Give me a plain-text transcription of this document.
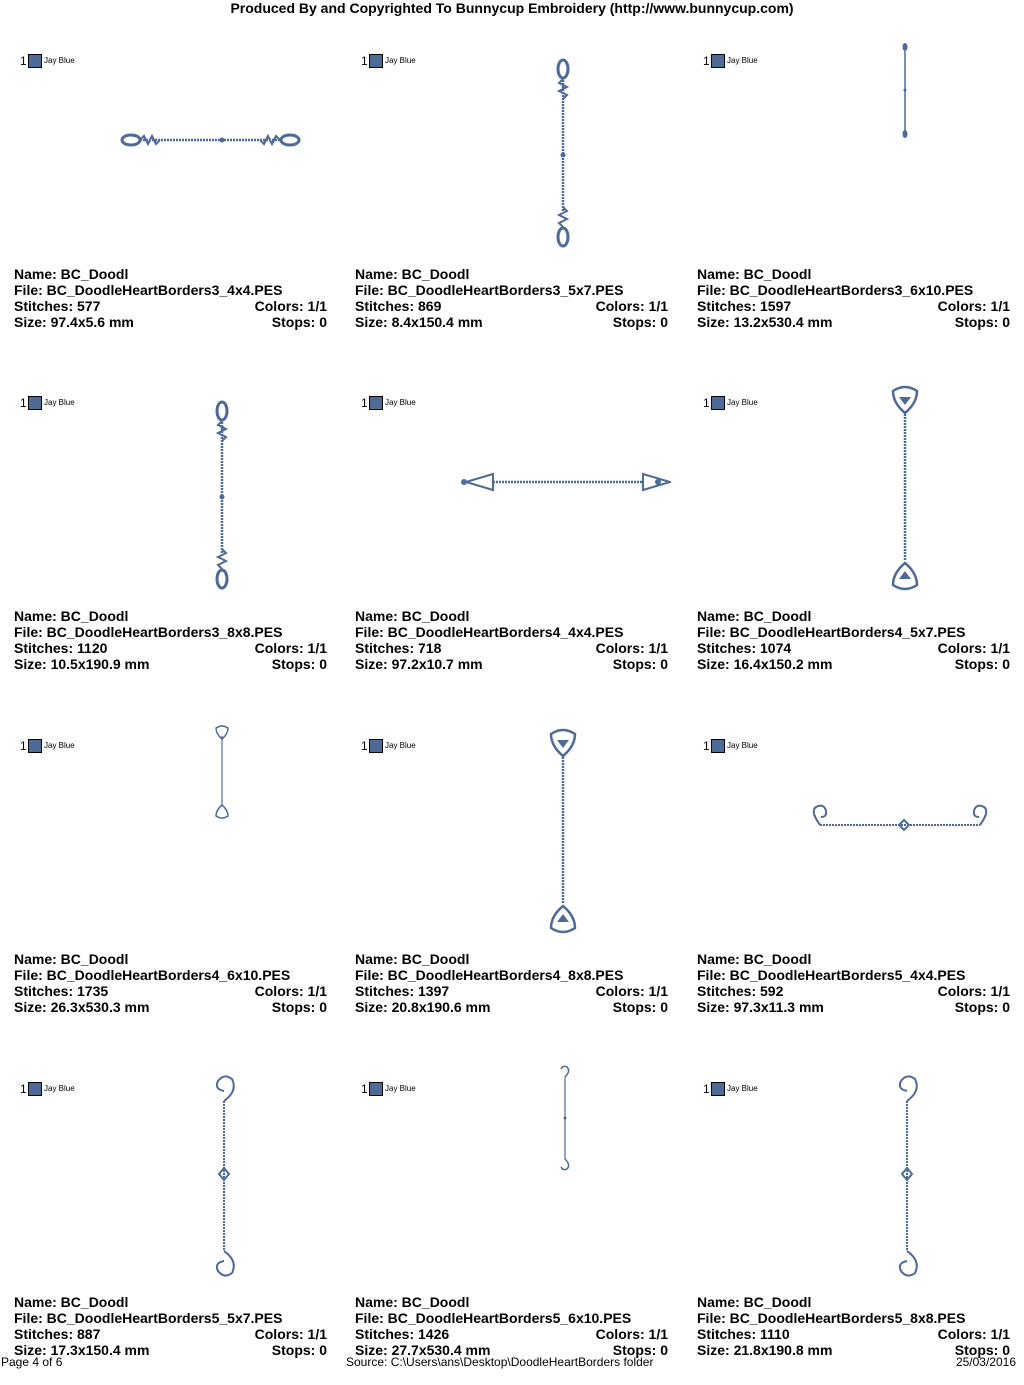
Produced By and Copyrighted To Bunnycup Embroidery (http://www.bunnycup.com)
1 Jay Blue
Name: BC_Doodl
File: BC_DoodleHeartBorders3_4x4.PES
Stitches: 577	Colors: 1/1
Size: 97.4x5.6 mm	Stops: 0
1 Jay Blue
Name: BC_Doodl
File: BC_DoodleHeartBorders3_5x7.PES
Stitches: 869	Colors: 1/1
Size: 8.4x150.4 mm	Stops: 0
1 Jay Blue
Name: BC_Doodl
File: BC_DoodleHeartBorders3_6x10.PES
Stitches: 1597	Colors: 1/1
Size: 13.2x530.4 mm	Stops: 0
1 Jay Blue
Name: BC_Doodl
File: BC_DoodleHeartBorders3_8x8.PES
Stitches: 1120	Colors: 1/1
Size: 10.5x190.9 mm	Stops: 0
1 Jay Blue
Name: BC_Doodl
File: BC_DoodleHeartBorders4_4x4.PES
Stitches: 718	Colors: 1/1
Size: 97.2x10.7 mm	Stops: 0
1 Jay Blue
Name: BC_Doodl
File: BC_DoodleHeartBorders4_5x7.PES
Stitches: 1074	Colors: 1/1
Size: 16.4x150.2 mm	Stops: 0
1 Jay Blue
Name: BC_Doodl
File: BC_DoodleHeartBorders4_6x10.PES
Stitches: 1735	Colors: 1/1
Size: 26.3x530.3 mm	Stops: 0
1 Jay Blue
Name: BC_Doodl
File: BC_DoodleHeartBorders4_8x8.PES
Stitches: 1397	Colors: 1/1
Size: 20.8x190.6 mm	Stops: 0
1 Jay Blue
Name: BC_Doodl
File: BC_DoodleHeartBorders5_4x4.PES
Stitches: 592	Colors: 1/1
Size: 97.3x11.3 mm	Stops: 0
1 Jay Blue
Name: BC_Doodl
File: BC_DoodleHeartBorders5_5x7.PES
Stitches: 887	Colors: 1/1
Size: 17.3x150.4 mm	Stops: 0
1 Jay Blue
Name: BC_Doodl
File: BC_DoodleHeartBorders5_6x10.PES
Stitches: 1426	Colors: 1/1
Size: 27.7x530.4 mm	Stops: 0
1 Jay Blue
Name: BC_Doodl
File: BC_DoodleHeartBorders5_8x8.PES
Stitches: 1110	Colors: 1/1
Size: 21.8x190.8 mm	Stops: 0
Page 4 of 6	Source: C:\Users\ans\Desktop\DoodleHeartBorders folder	25/03/2016
